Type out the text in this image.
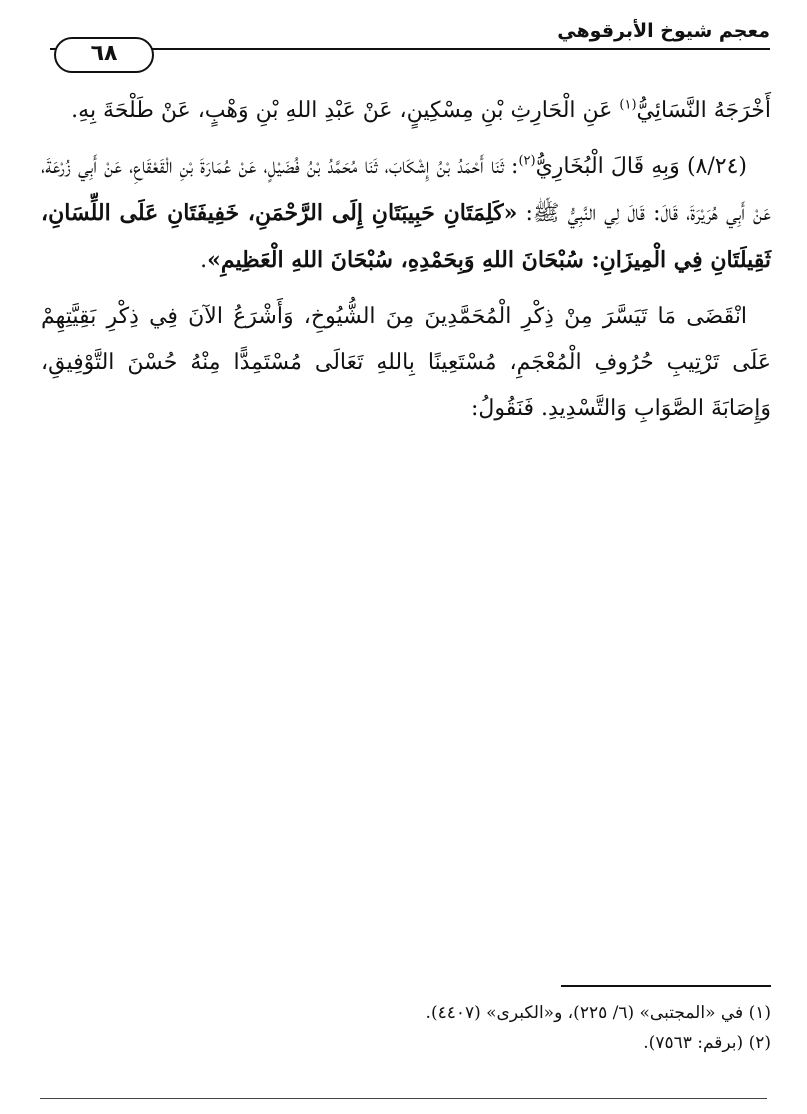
معجم شيوخ الأبرقوهي
٦٨

أَخْرَجَهُ النَّسَائِيُّ$^{(١)}$ عَنِ الْحَارِثِ بْنِ مِسْكِينٍ، عَنْ عَبْدِ اللهِ بْنِ وَهْبٍ، عَنْ طَلْحَةَ بِهِ.

(٨/٢٤) وَبِهِ قَالَ الْبُخَارِيُّ$^{(٢)}$: ثَنَا أَحْمَدُ بْنُ إِشْكَابَ، ثَنَا مُحَمَّدُ بْنُ فُضَيْلٍ، عَنْ عُمَارَةَ بْنِ الْقَعْقَاعِ، عَنْ أَبِي زُرْعَةَ، عَنْ أَبِي هُرَيْرَةَ، قَالَ: قَالَ لِي النَّبِيُّ ﷺ: «كَلِمَتَانِ حَبِيبَتَانِ إِلَى الرَّحْمَنِ، خَفِيفَتَانِ عَلَى اللِّسَانِ، ثَقِيلَتَانِ فِي الْمِيزَانِ: سُبْحَانَ اللهِ وَبِحَمْدِهِ، سُبْحَانَ اللهِ الْعَظِيمِ».

انْقَضَى مَا تَيَسَّرَ مِنْ ذِكْرِ الْمُحَمَّدِينَ مِنَ الشُّيُوخِ، وَأَشْرَعُ الآنَ فِي ذِكْرِ بَقِيَّتِهِمْ عَلَى تَرْتِيبِ حُرُوفِ الْمُعْجَمِ، مُسْتَعِينًا بِاللهِ تَعَالَى مُسْتَمِدًّا مِنْهُ حُسْنَ التَّوْفِيقِ، وَإِصَابَةَ الصَّوَابِ وَالتَّسْدِيدِ. فَنَقُولُ:

(١) في «المجتبى» (٦/ ٢٢٥)، و«الكبرى» (٤٤٠٧).

(٢) (برقم: ٧٥٦٣).
